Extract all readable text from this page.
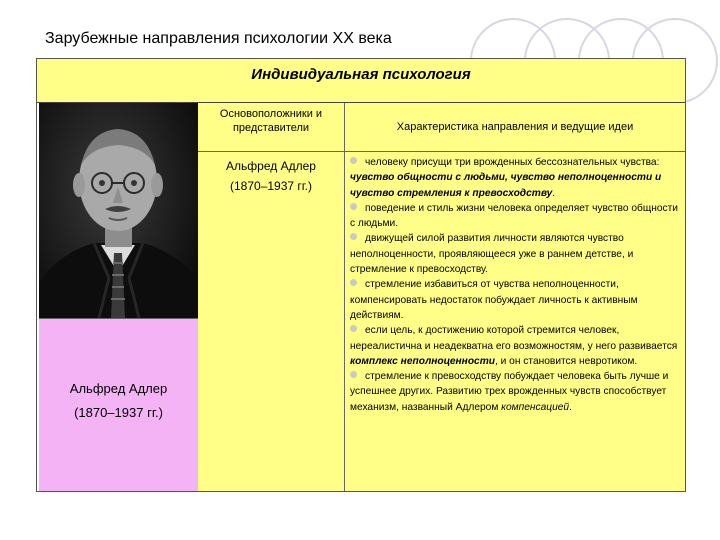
Зарубежные направления психологии XX века
Индивидуальная психология
Альфред Адлер
(1870–1937 гг.)
Основоположники и представители	Характеристика направления и ведущие идеи
Альфред Адлер
(1870–1937 гг.)
человеку присущи три врожденных бессознательных чувства: чувство общности с людьми, чувство неполноценности и чувство стремления к превосходству.
поведение и стиль жизни человека определяет чувство общности с людьми.
движущей силой развития личности являются чувство неполноценности, проявляющееся уже в раннем детстве, и стремление к превосходству.
стремление избавиться от чувства неполноценности, компенсировать недостаток побуждает личность к активным действиям.
если цель, к достижению которой стремится человек, нереалистична и неадекватна его возможностям, у него развивается комплекс неполноценности, и он становится невротиком.
стремление к превосходству побуждает человека быть лучше и успешнее других. Развитию трех врожденных чувств способствует механизм, названный Адлером компенсацией.
